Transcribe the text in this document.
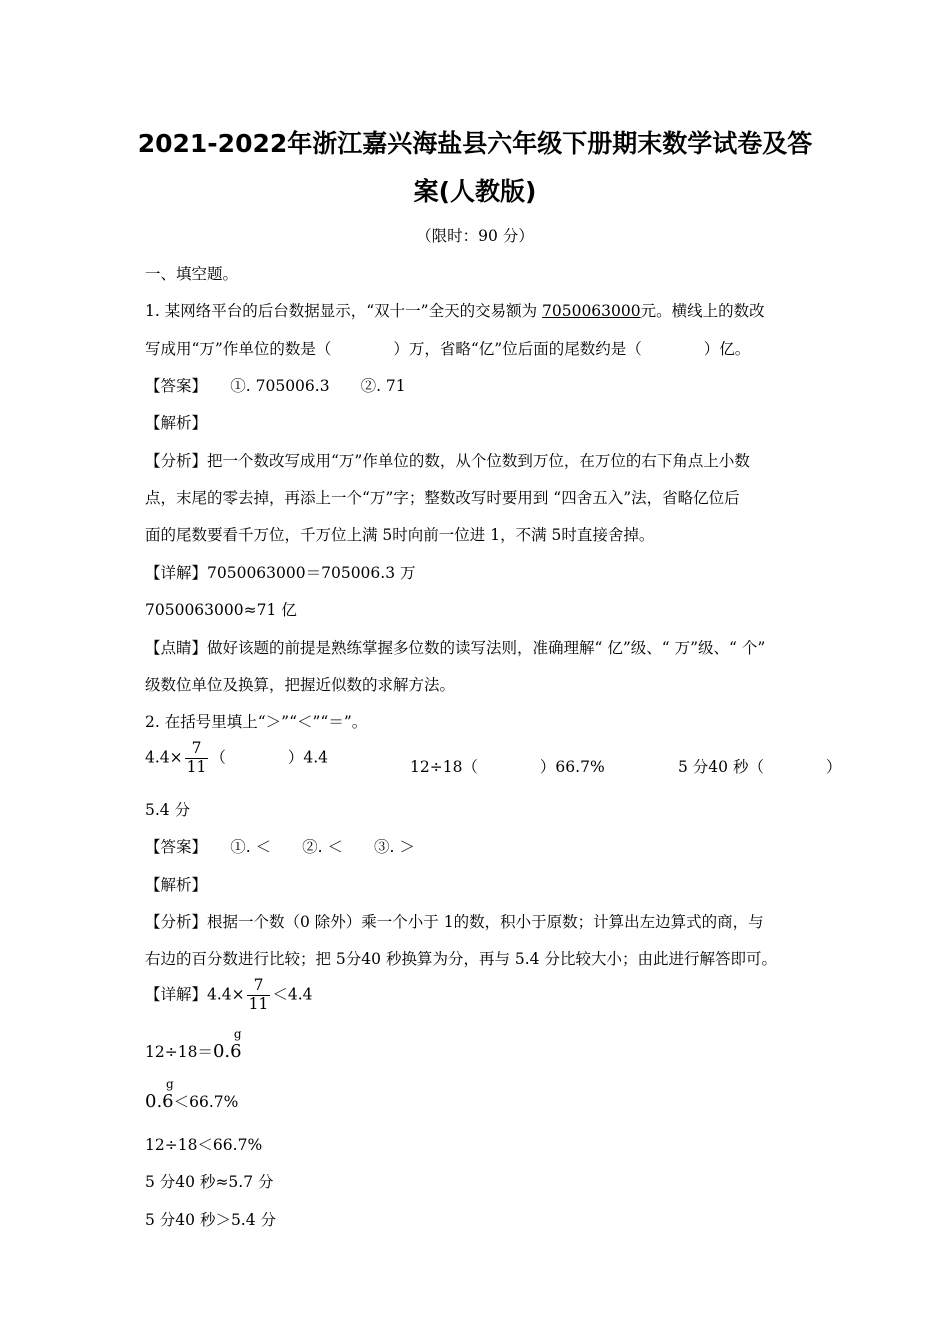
2021-2022年浙江嘉兴海盐县六年级下册期末数学试卷及答
案(人教版)
（限时：90 分）
一、填空题。
1. 某网络平台的后台数据显示，“双十一”全天的交易额为 7050063000元。横线上的数改
写成用“万”作单位的数是（　　　　）万，省略“亿”位后面的尾数约是（　　　　）亿。
【答案】　　①. 705006.3　　②. 71
【解析】
【分析】把一个数改写成用“万”作单位的数，从个位数到万位，在万位的右下角点上小数
点，末尾的零去掉，再添上一个“万”字；整数改写时要用到 “四舍五入”法，省略亿位后
面的尾数要看千万位，千万位上满 5时向前一位进 1，不满 5时直接舍掉。
【详解】7050063000＝705006.3 万
7050063000≈71 亿
【点睛】做好该题的前提是熟练掌握多位数的读写法则，准确理解“ 亿”级、“ 万”级、“ 个”
级数位单位及换算，把握近似数的求解方法。
2. 在括号里填上“＞”“＜”“＝”。
$4.4\times \frac{7}{11}$ （　　　　）4.4
12÷18（　　　　）66.7%	5 分40 秒（　　　　）
5.4 分
【答案】　　①. ＜　　②. ＜　　③. ＞
【解析】
【分析】根据一个数（0 除外）乘一个小于 1的数，积小于原数；计算出左边算式的商，与
右边的百分数进行比较；把 5分40 秒换算为分，再与 5.4 分比较大小；由此进行解答即可。
【详解】$4.4\times \frac{7}{11} <4.4$
12÷18＝0.6
g
0.6
g
＜66.7%
12÷18＜66.7%
5 分40 秒≈5.7 分
5 分40 秒＞5.4 分
